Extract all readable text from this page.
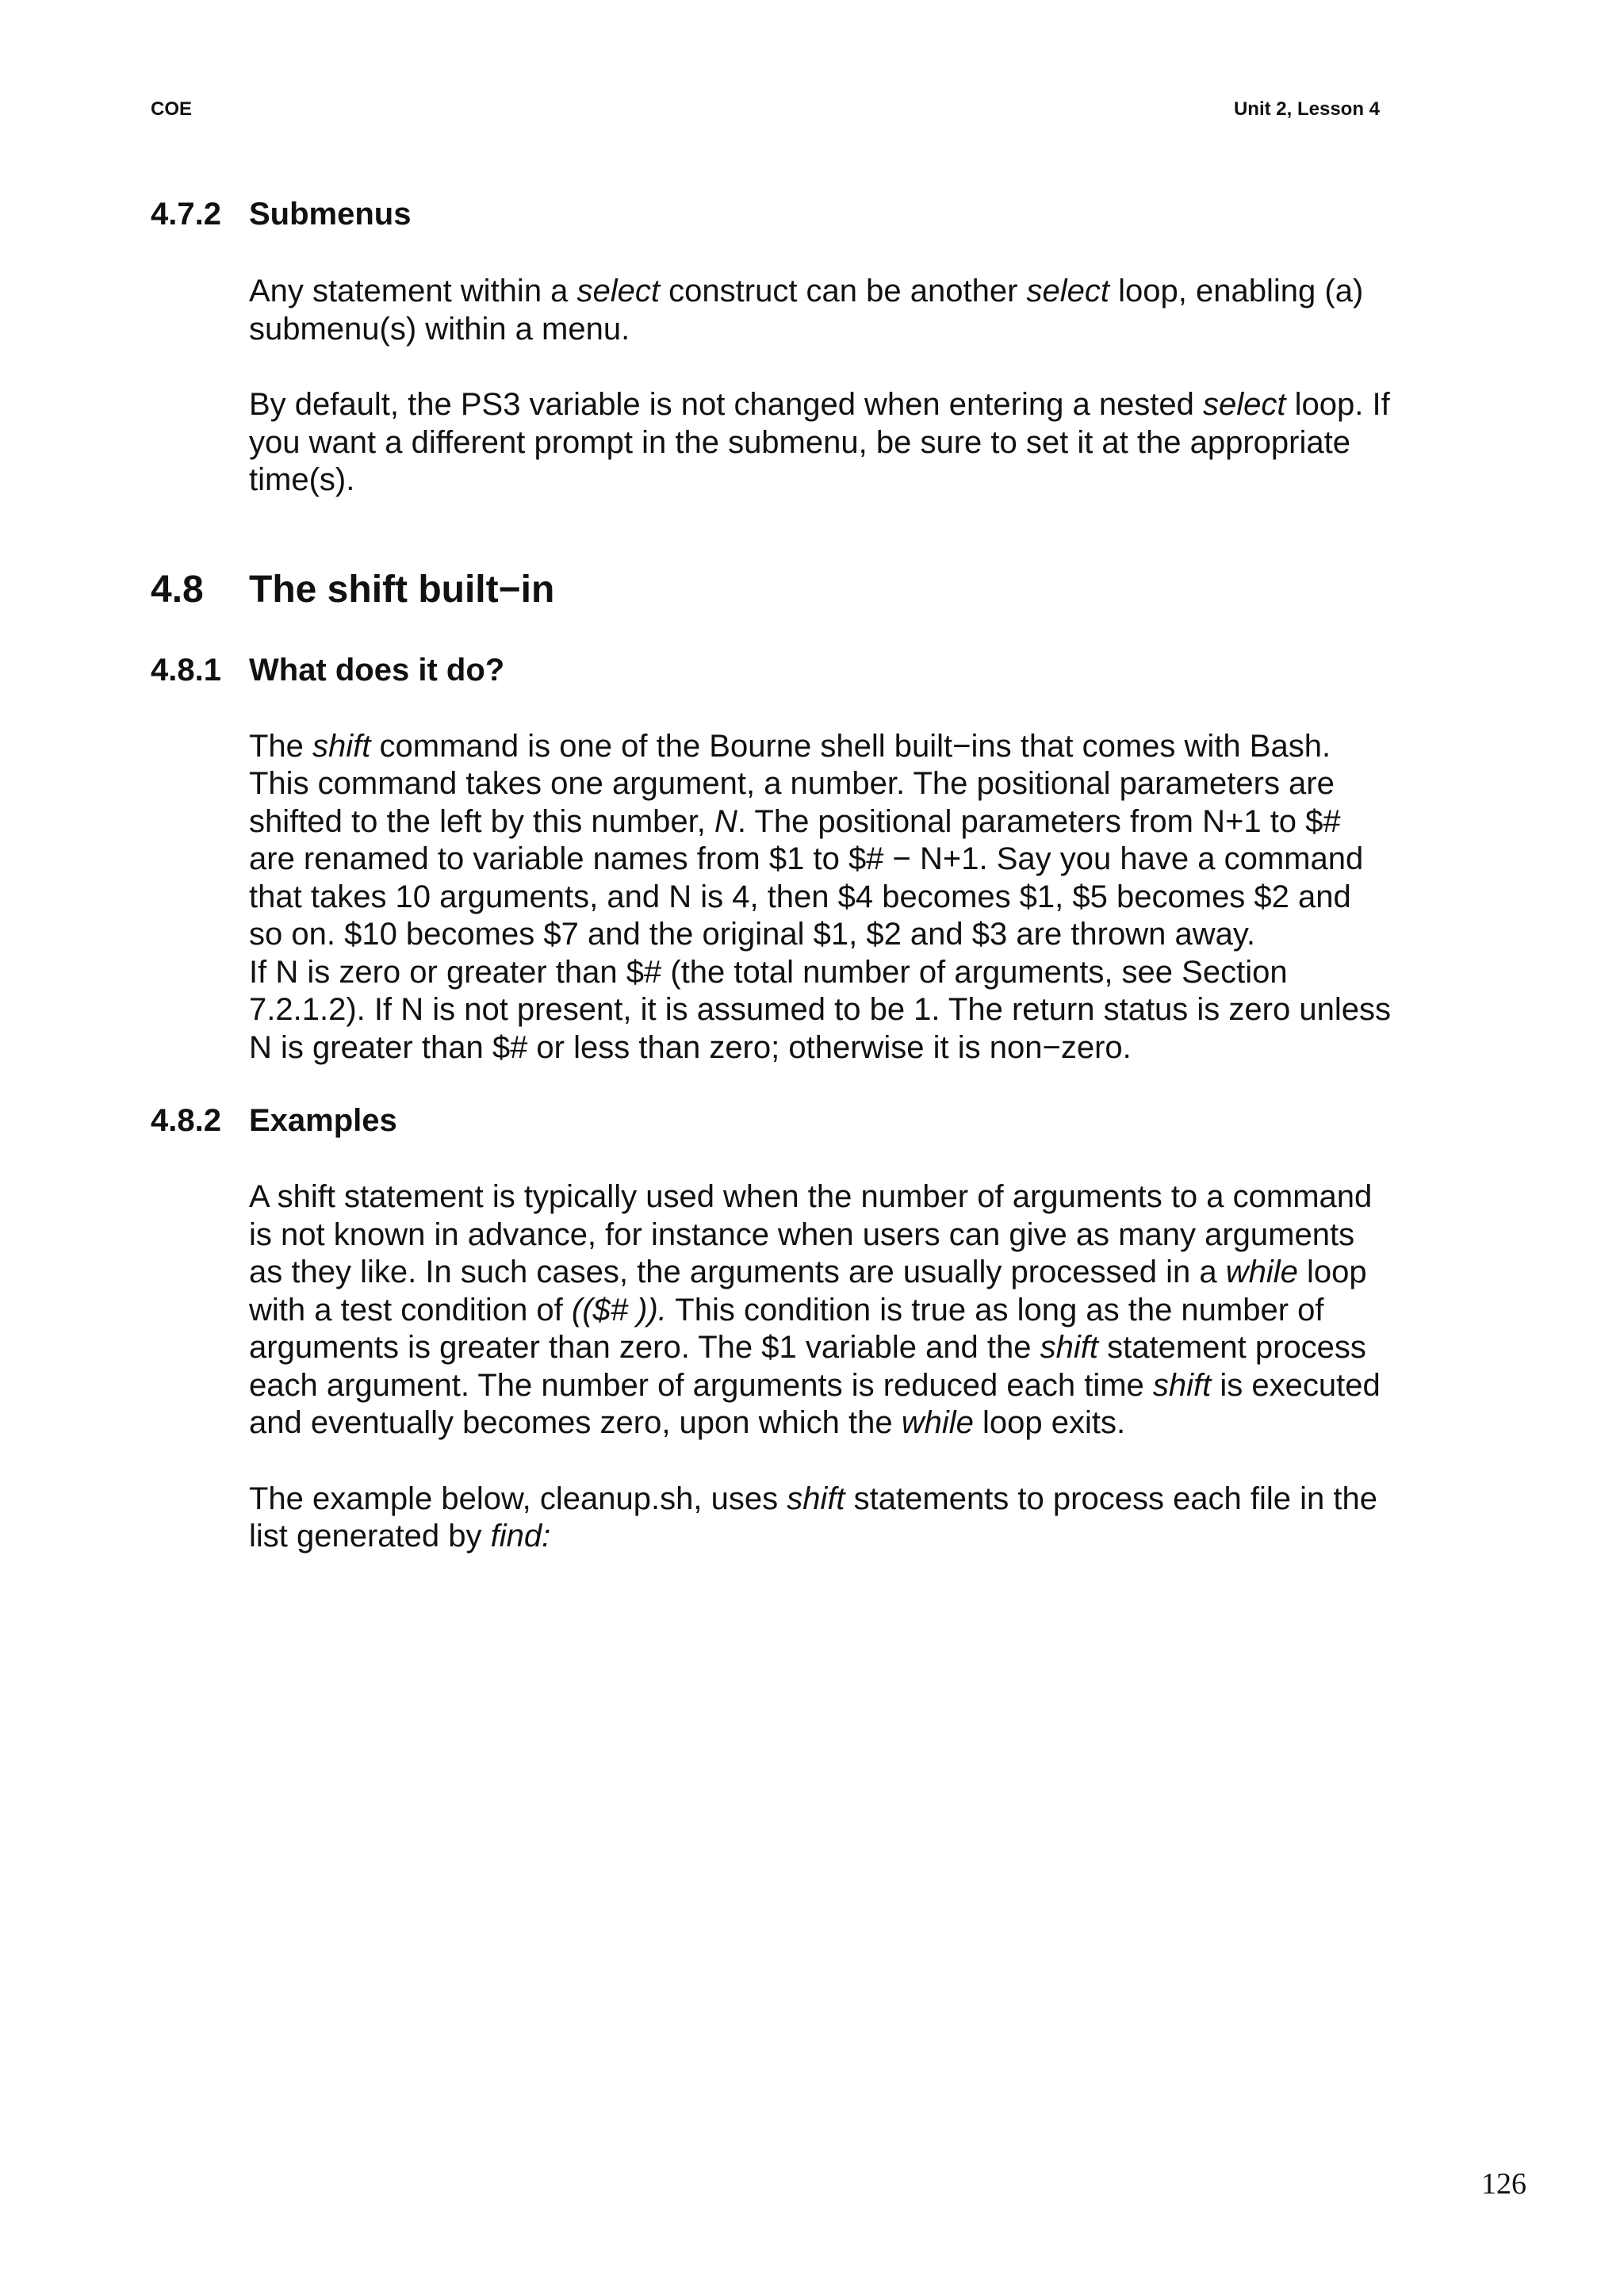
COE	Unit 2, Lesson 4
4.7.2 Submenus

Any statement within a select construct can be another select loop, enabling (a) submenu(s) within a menu.

By default, the PS3 variable is not changed when entering a nested select loop. If you want a different prompt in the submenu, be sure to set it at the appropriate time(s).

4.8 The shift built−in
4.8.1 What does it do?

The shift command is one of the Bourne shell built−ins that comes with Bash. This command takes one argument, a number. The positional parameters are shifted to the left by this number, N. The positional parameters from N+1 to $# are renamed to variable names from $1 to $# − N+1. Say you have a command that takes 10 arguments, and N is 4, then $4 becomes $1, $5 becomes $2 and so on. $10 becomes $7 and the original $1, $2 and $3 are thrown away.

If N is zero or greater than $# (the total number of arguments, see Section 7.2.1.2). If N is not present, it is assumed to be 1. The return status is zero unless N is greater than $# or less than zero; otherwise it is non−zero.

4.8.2 Examples

A shift statement is typically used when the number of arguments to a command is not known in advance, for instance when users can give as many arguments as they like. In such cases, the arguments are usually processed in a while loop with a test condition of (($# )). This condition is true as long as the number of arguments is greater than zero. The $1 variable and the shift statement process each argument. The number of arguments is reduced each time shift is executed and eventually becomes zero, upon which the while loop exits.

The example below, cleanup.sh, uses shift statements to process each file in the list generated by find:

126
